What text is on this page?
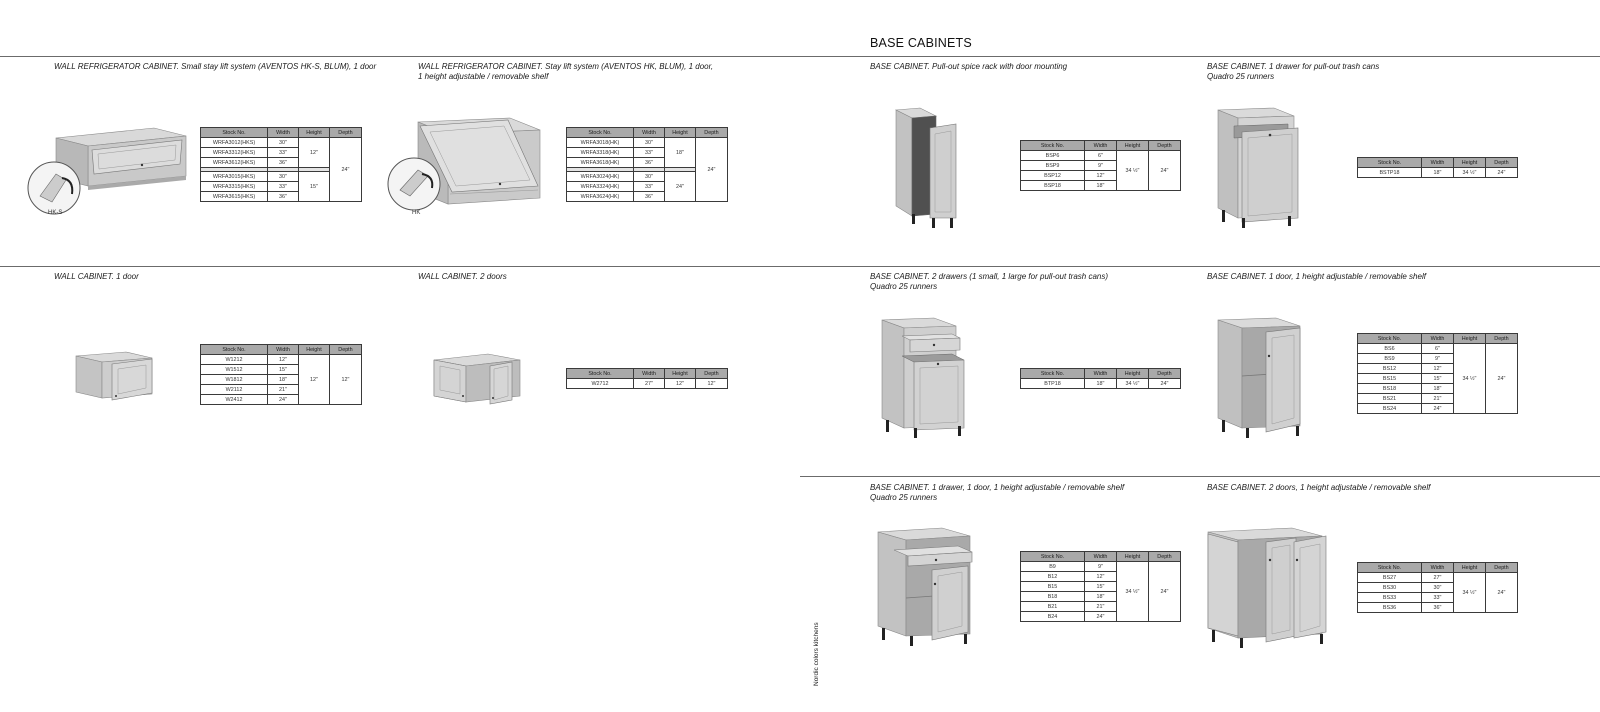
BASE CABINETS
Nordic colors kitchens
WALL REFRIGERATOR CABINET. Small stay lift system (AVENTOS HK-S, BLUM), 1 door	WALL REFRIGERATOR CABINET. Stay lift system (AVENTOS HK, BLUM), 1 door,
1 height adjustable / removable shelf
BASE CABINET. Pull-out spice rack with door mounting	BASE CABINET. 1 drawer for pull-out trash cans
Quadro 25 runners
WALL CABINET. 1 door	WALL CABINET. 2 doors	BASE CABINET. 2 drawers (1 small, 1 large for pull-out trash cans)
Quadro 25 runners
BASE CABINET. 1 door, 1 height adjustable / removable shelf
BASE CABINET. 1 drawer, 1 door, 1 height adjustable / removable shelf
Quadro 25 runners
BASE CABINET. 2 doors, 1 height adjustable / removable shelf
HK-S	HK
Stock No.	Width	Height	Depth
WRFA3012(HKS)	30"	12"	24"
WRFA3312(HKS)	33"		
WRFA3612(HKS)	36"		

WRFA3015(HKS)	30"	15"	
WRFA3315(HKS)	33"		
WRFA3615(HKS)	36"		
Stock No.	Width	Height	Depth
WRFA3018(HK)	30"	18"	24"
WRFA3318(HK)	33"		
WRFA3618(HK)	36"		

WRFA3024(HK)	30"	24"	
WRFA3324(HK)	33"		
WRFA3624(HK)	36"		
Stock No.	Width	Height	Depth
BSP6	6"	34 ½"	24"
BSP9	9"		
BSP12	12"		
BSP18	18"		
Stock No.	Width	Height	Depth
BSTP18	18"	34 ½"	24"
Stock No.	Width	Height	Depth
W1212	12"	12"	12"
W1512	15"		
W1812	18"		
W2112	21"		
W2412	24"		
Stock No.	Width	Height	Depth
W2712	27"	12"	12"
Stock No.	Width	Height	Depth
BTP18	18"	34 ½"	24"
Stock No.	Width	Height	Depth
BS6	6"	34 ½"	24"
BS9	9"		
BS12	12"		
BS15	15"		
BS18	18"		
BS21	21"		
BS24	24"		
Stock No.	Width	Height	Depth
B9	9"	34 ½"	24"
B12	12"		
B15	15"		
B18	18"		
B21	21"		
B24	24"		
Stock No.	Width	Height	Depth
BS27	27"	34 ½"	24"
BS30	30"		
BS33	33"		
BS36	36"		
